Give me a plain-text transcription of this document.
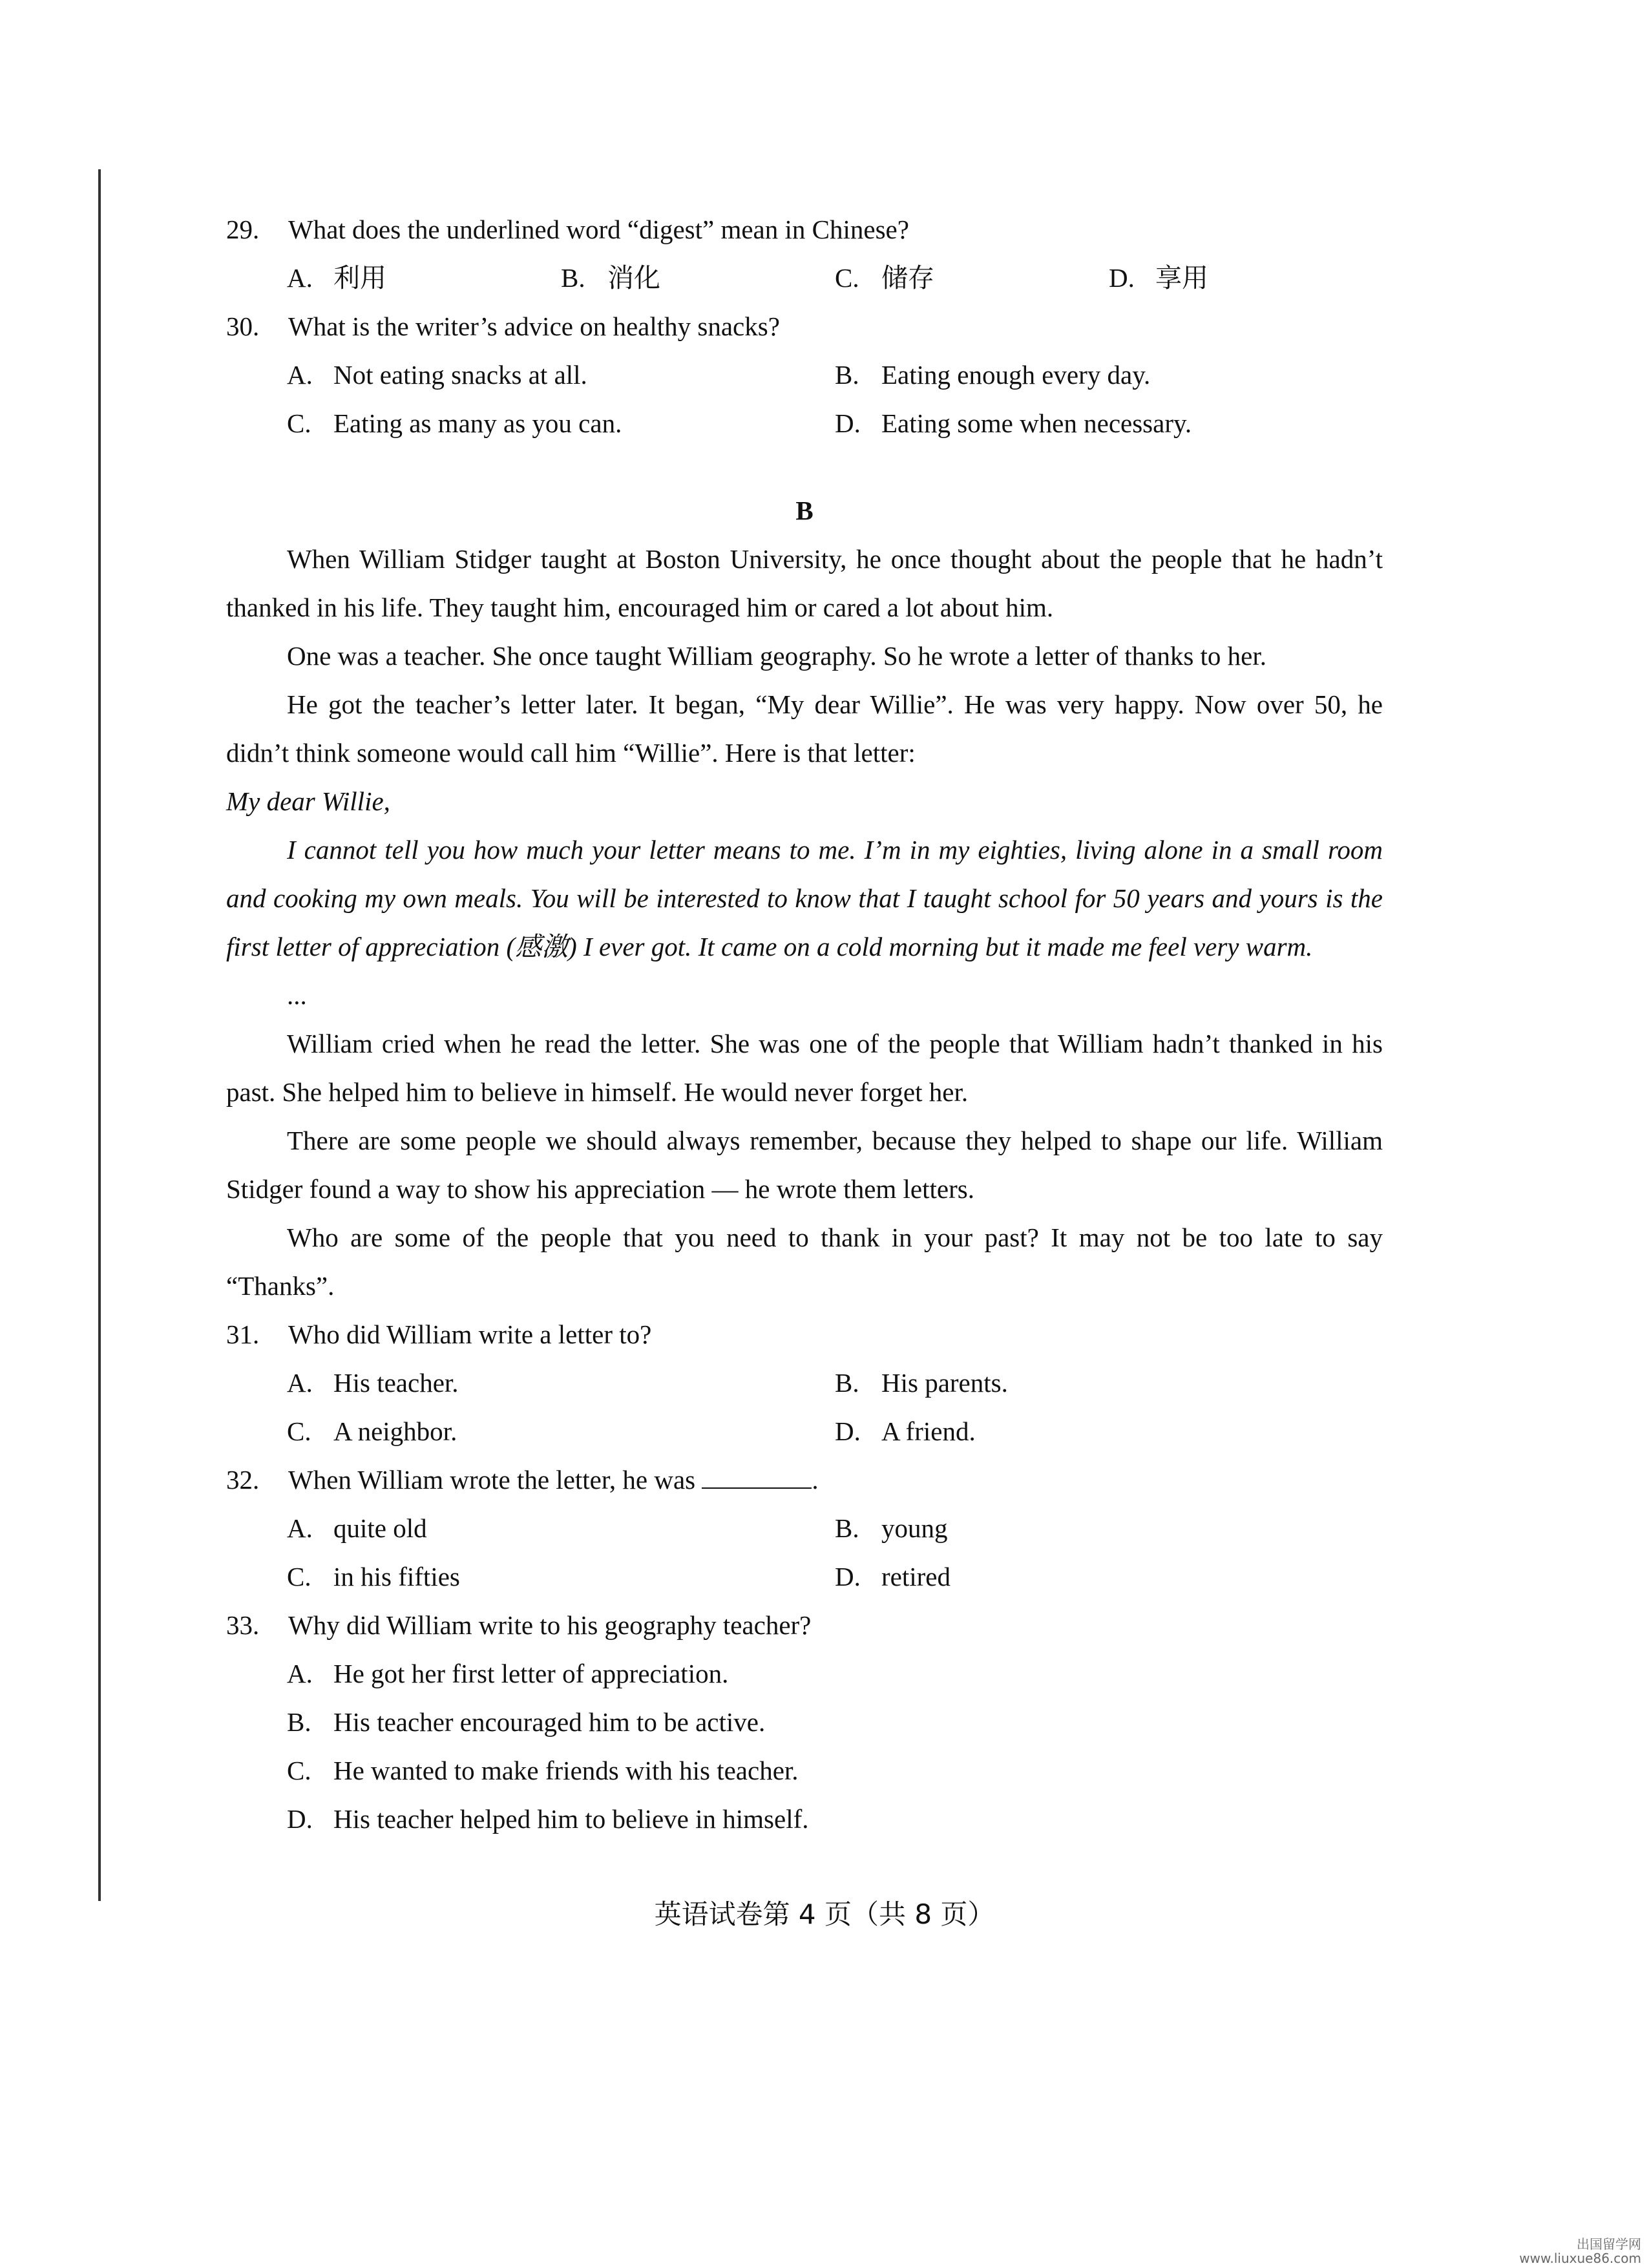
29. What does the underlined word “digest” mean in Chinese?
A. 利用	B. 消化	C. 储存	D. 享用
30. What is the writer’s advice on healthy snacks?
A. Not eating snacks at all.	B. Eating enough every day.
C. Eating as many as you can.	D. Eating some when necessary.
B
When William Stidger taught at Boston University, he once thought about the people that he hadn’t thanked in his life. They taught him, encouraged him or cared a lot about him.
One was a teacher. She once taught William geography. So he wrote a letter of thanks to her.
He got the teacher’s letter later. It began, “My dear Willie”. He was very happy. Now over 50, he didn’t think someone would call him “Willie”. Here is that letter:
My dear Willie,
I cannot tell you how much your letter means to me. I’m in my eighties, living alone in a small room and cooking my own meals. You will be interested to know that I taught school for 50 years and yours is the first letter of appreciation (感激) I ever got. It came on a cold morning but it made me feel very warm.
...
William cried when he read the letter. She was one of the people that William hadn’t thanked in his past. She helped him to believe in himself. He would never forget her.
There are some people we should always remember, because they helped to shape our life. William Stidger found a way to show his appreciation — he wrote them letters.
Who are some of the people that you need to thank in your past? It may not be too late to say “Thanks”.
31. Who did William write a letter to?
A. His teacher.	B. His parents.
C. A neighbor.	D. A friend.
32. When William wrote the letter, he was	.
A. quite old	B. young
C. in his fifties	D. retired
33. Why did William write to his geography teacher?
A. He got her first letter of appreciation.
B. His teacher encouraged him to be active.
C. He wanted to make friends with his teacher.
D. His teacher helped him to believe in himself.
英语试卷第 4 页（共 8 页）
出国留学网
www.liuxue86.com
